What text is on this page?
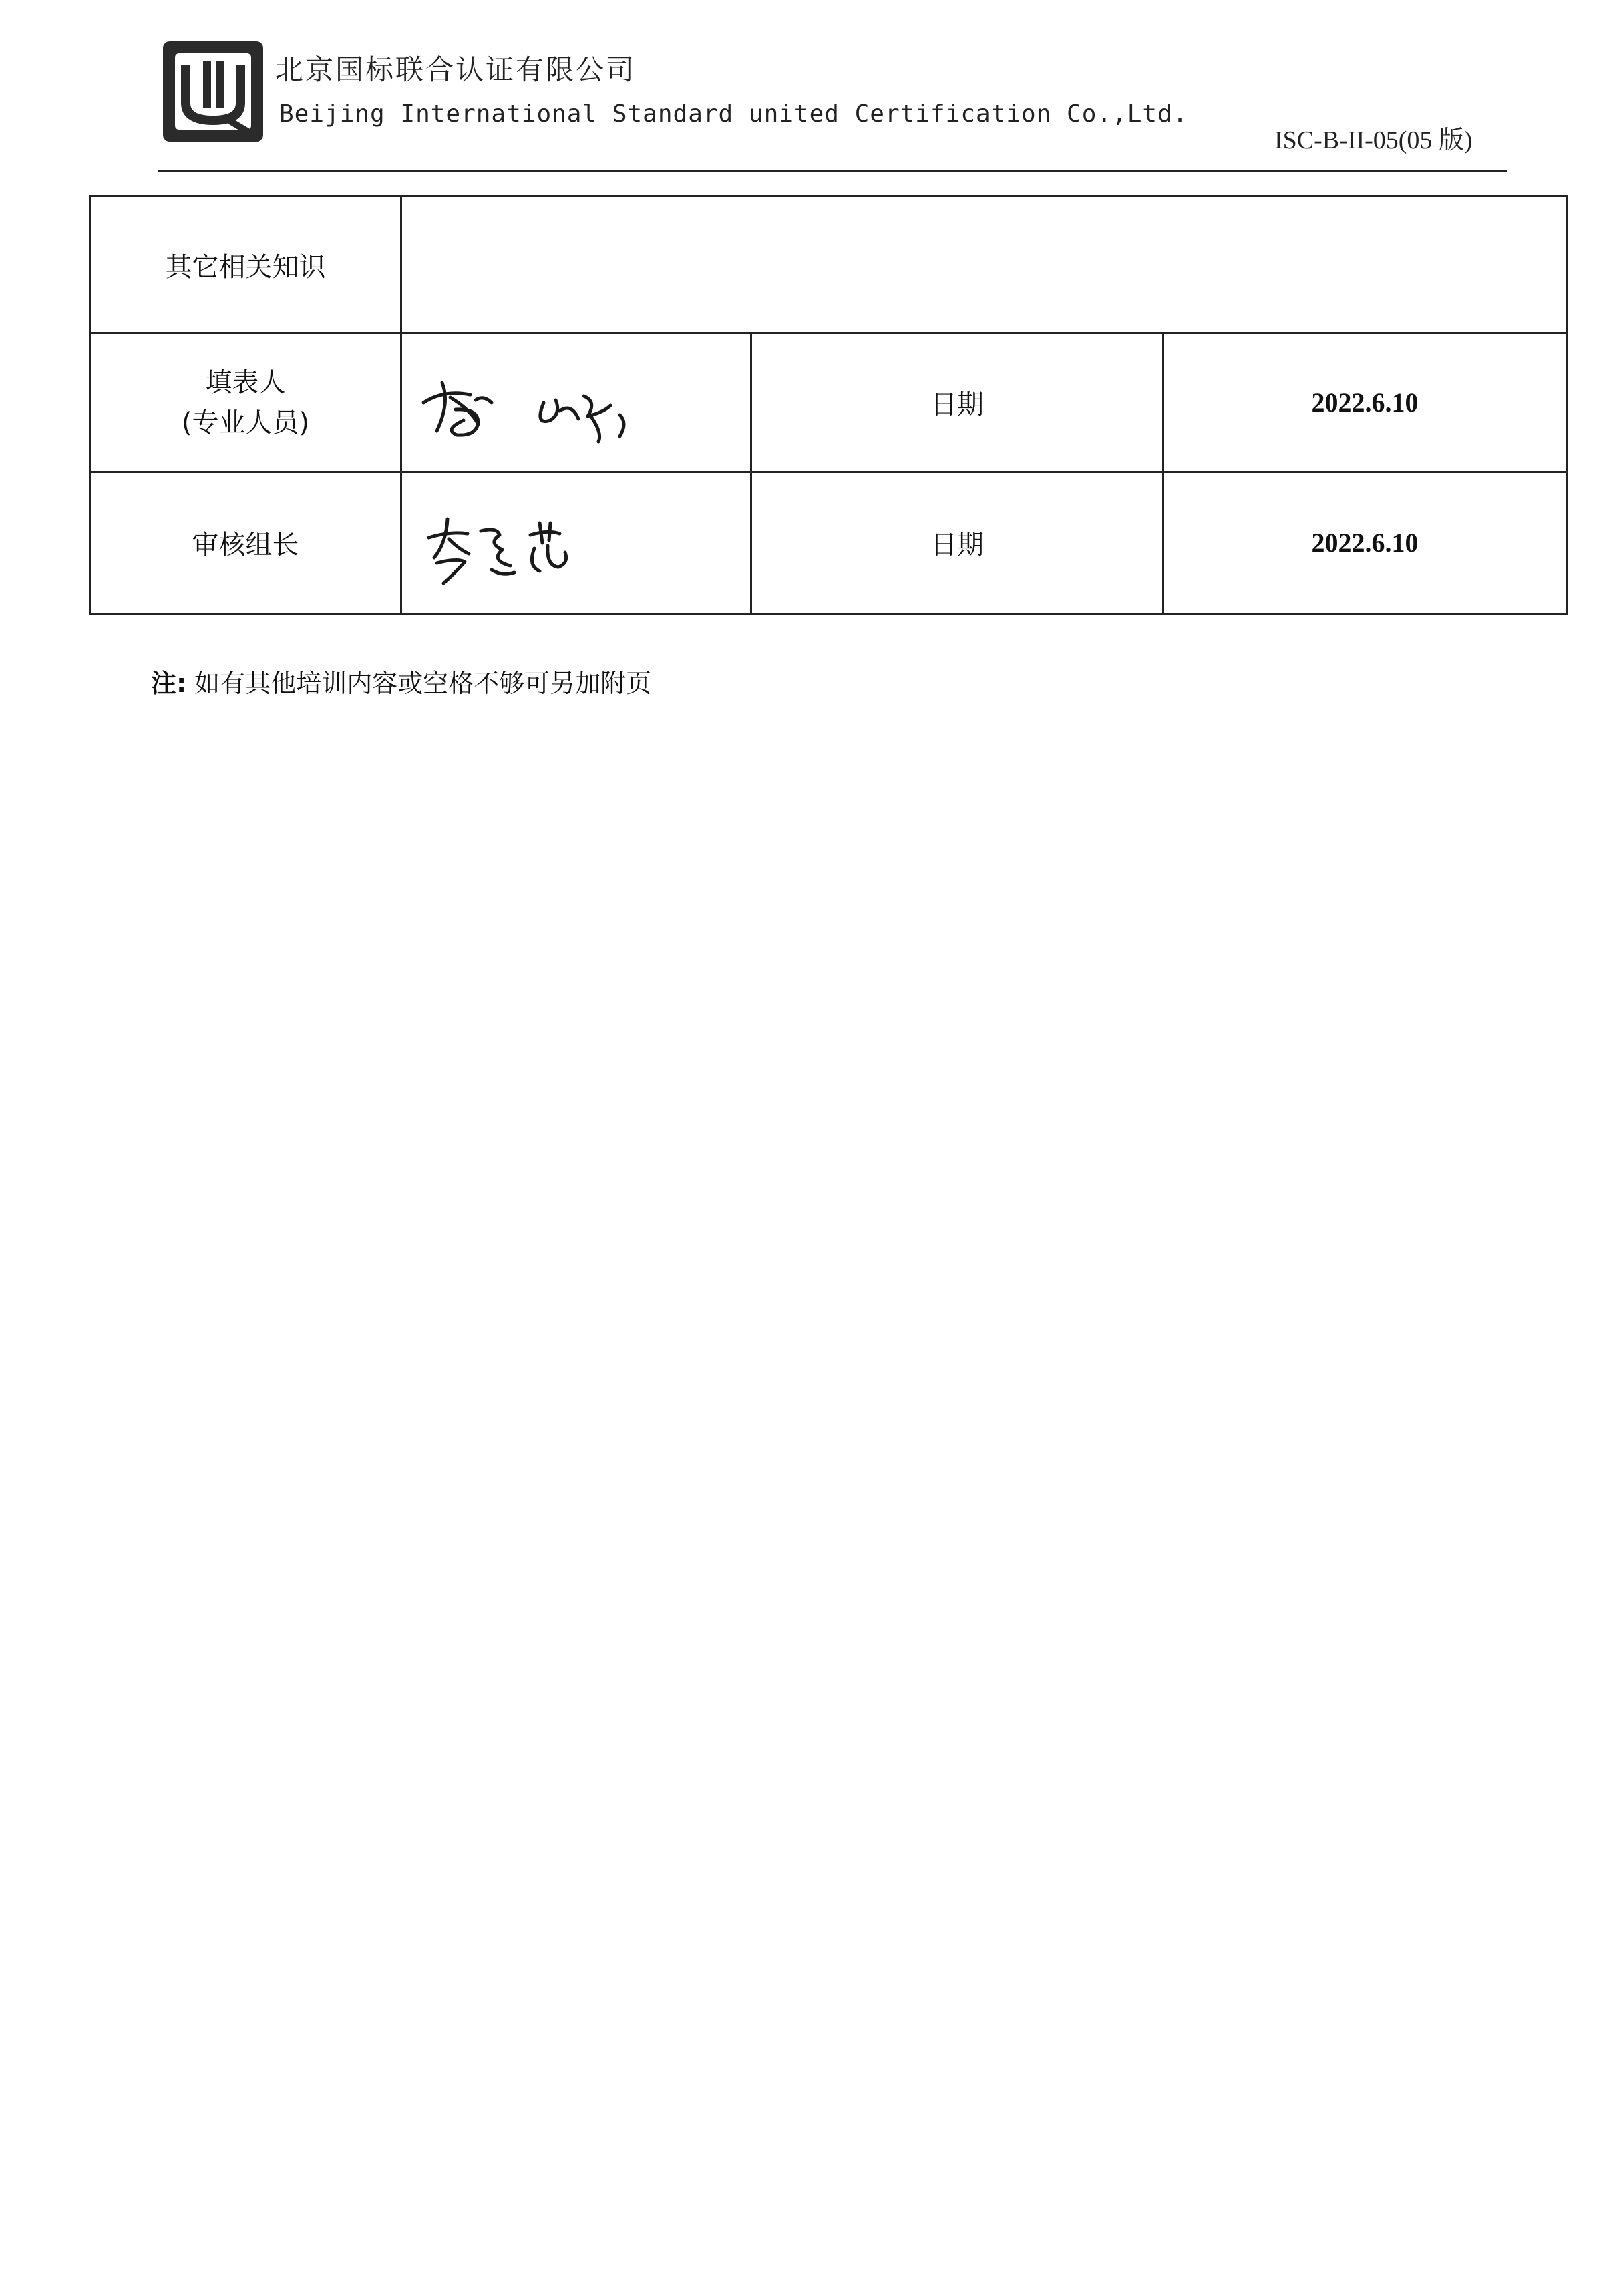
北京国标联合认证有限公司
Beijing International Standard united Certification Co.,Ltd.
ISC-B-II-05(05 版)
其它相关知识			

填表人
(专业人员)		日期	2022.6.10
审核组长		日期	2022.6.10
注: 如有其他培训内容或空格不够可另加附页
